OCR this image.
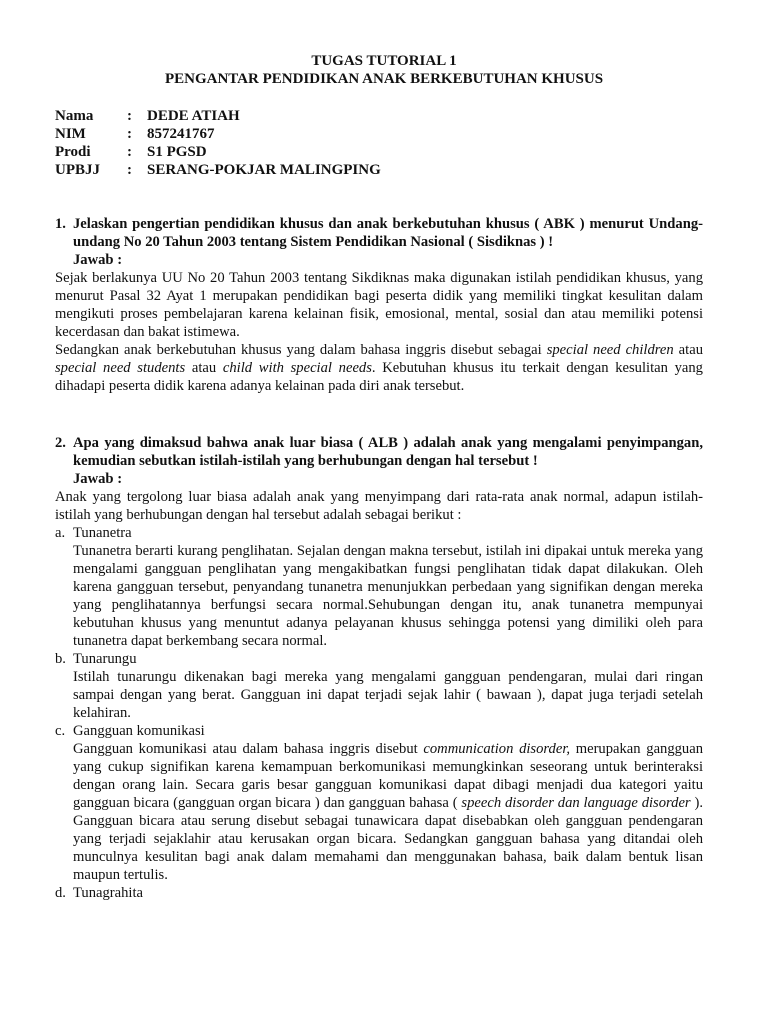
TUGAS TUTORIAL 1
PENGANTAR PENDIDIKAN ANAK BERKEBUTUHAN KHUSUS
Nama	:	DEDE ATIAH
NIM	:	857241767
Prodi	:	S1 PGSD
UPBJJ	:	SERANG-POKJAR MALINGPING
1. Jelaskan pengertian pendidikan khusus dan anak berkebutuhan khusus ( ABK ) menurut Undang-undang No 20 Tahun 2003 tentang Sistem Pendidikan Nasional ( Sisdiknas ) !
Jawab :
Sejak berlakunya UU No 20 Tahun 2003 tentang Sikdiknas maka digunakan istilah pendidikan khusus, yang menurut Pasal 32 Ayat 1 merupakan pendidikan bagi peserta didik yang memiliki tingkat kesulitan dalam mengikuti proses pembelajaran karena kelainan fisik, emosional, mental, sosial dan atau memiliki potensi kecerdasan dan bakat istimewa.
Sedangkan anak berkebutuhan khusus yang dalam bahasa inggris disebut sebagai special need children atau special need students atau child with special needs. Kebutuhan khusus itu terkait dengan kesulitan yang dihadapi peserta didik karena adanya kelainan pada diri anak tersebut.
2. Apa yang dimaksud bahwa anak luar biasa ( ALB ) adalah anak yang mengalami penyimpangan, kemudian sebutkan istilah-istilah yang berhubungan dengan hal tersebut !
Jawab :
Anak yang tergolong luar biasa adalah anak yang menyimpang dari rata-rata anak normal, adapun istilah-istilah yang berhubungan dengan hal tersebut adalah sebagai berikut :
a. Tunanetra
Tunanetra berarti kurang penglihatan. Sejalan dengan makna tersebut, istilah ini dipakai untuk mereka yang mengalami gangguan penglihatan yang mengakibatkan fungsi penglihatan tidak dapat dilakukan. Oleh karena gangguan tersebut, penyandang tunanetra menunjukkan perbedaan yang signifikan dengan mereka yang penglihatannya berfungsi secara normal.Sehubungan dengan itu, anak tunanetra mempunyai kebutuhan khusus yang menuntut adanya pelayanan khusus sehingga potensi yang dimiliki oleh para tunanetra dapat berkembang secara normal.
b. Tunarungu
Istilah tunarungu dikenakan bagi mereka yang mengalami gangguan pendengaran, mulai dari ringan sampai dengan yang berat. Gangguan ini dapat terjadi sejak lahir ( bawaan ), dapat juga terjadi setelah kelahiran.
c. Gangguan komunikasi
Gangguan komunikasi atau dalam bahasa inggris disebut communication disorder, merupakan gangguan yang cukup signifikan karena kemampuan berkomunikasi memungkinkan seseorang untuk berinteraksi dengan orang lain. Secara garis besar gangguan komunikasi dapat dibagi menjadi dua kategori yaitu gangguan bicara (gangguan organ bicara ) dan gangguan bahasa ( speech disorder dan language disorder ). Gangguan bicara atau serung disebut sebagai tunawicara dapat disebabkan oleh gangguan pendengaran yang terjadi sejaklahir atau kerusakan organ bicara. Sedangkan gangguan bahasa yang ditandai oleh munculnya kesulitan bagi anak dalam memahami dan menggunakan bahasa, baik dalam bentuk lisan maupun tertulis.
d. Tunagrahita
